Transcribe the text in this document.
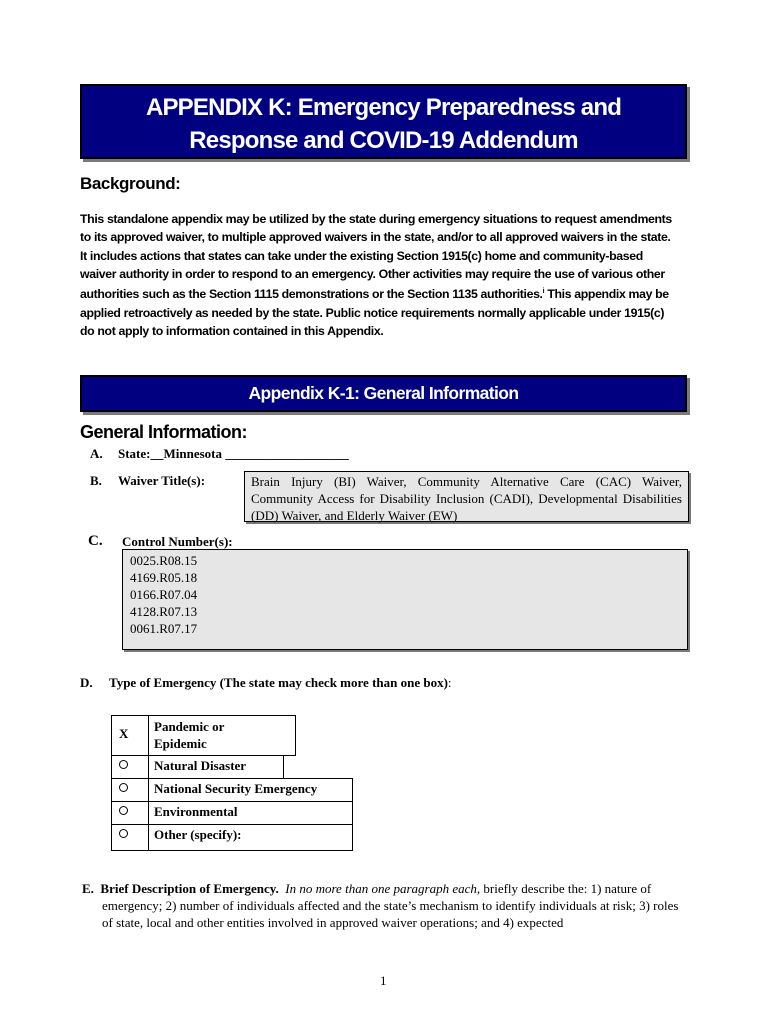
APPENDIX K: Emergency Preparedness and
Response and COVID-19 Addendum
Background:
This standalone appendix may be utilized by the state during emergency situations to request amendments to its approved waiver, to multiple approved waivers in the state, and/or to all approved waivers in the state. It includes actions that states can take under the existing Section 1915(c) home and community-based waiver authority in order to respond to an emergency. Other activities may require the use of various other authorities such as the Section 1115 demonstrations or the Section 1135 authorities.$^i$ This appendix may be applied retroactively as needed by the state. Public notice requirements normally applicable under 1915(c) do not apply to information contained in this Appendix.
Appendix K-1: General Information
General Information:
A. State:__Minnesota ___________________
B. Waiver Title(s):	Brain Injury (BI) Waiver, Community Alternative Care (CAC) Waiver, Community Access for Disability Inclusion (CADI), Developmental Disabilities (DD) Waiver, and Elderly Waiver (EW)
C. Control Number(s):
0025.R08.15
4169.R05.18
0166.R07.04
4128.R07.13
0061.R07.17
D. Type of Emergency (The state may check more than one box):
X Pandemic or
Epidemic
Natural Disaster
National Security Emergency
Environmental
Other (specify):
E. Brief Description of Emergency. In no more than one paragraph each, briefly describe the: 1) nature of emergency; 2) number of individuals affected and the state’s mechanism to identify individuals at risk; 3) roles of state, local and other entities involved in approved waiver operations; and 4) expected
1
